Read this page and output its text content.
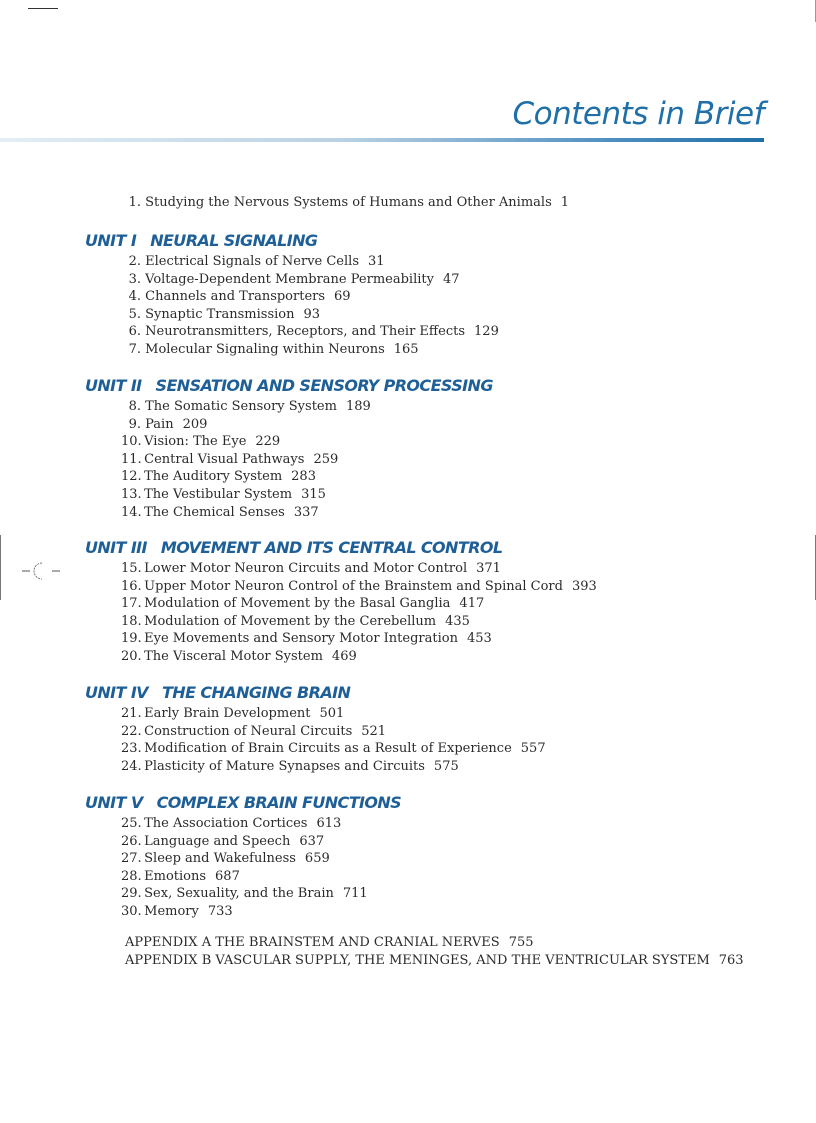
Contents in Brief
1. Studying the Nervous Systems of Humans and Other Animals 1
UNIT I NEURAL SIGNALING
2. Electrical Signals of Nerve Cells 31
3. Voltage-Dependent Membrane Permeability 47
4. Channels and Transporters 69
5. Synaptic Transmission 93
6. Neurotransmitters, Receptors, and Their Effects 129
7. Molecular Signaling within Neurons 165
UNIT II SENSATION AND SENSORY PROCESSING
8. The Somatic Sensory System 189
9. Pain 209
10. Vision: The Eye 229
11. Central Visual Pathways 259
12. The Auditory System 283
13. The Vestibular System 315
14. The Chemical Senses 337
UNIT III MOVEMENT AND ITS CENTRAL CONTROL
15. Lower Motor Neuron Circuits and Motor Control 371
16. Upper Motor Neuron Control of the Brainstem and Spinal Cord 393
17. Modulation of Movement by the Basal Ganglia 417
18. Modulation of Movement by the Cerebellum 435
19. Eye Movements and Sensory Motor Integration 453
20. The Visceral Motor System 469
UNIT IV THE CHANGING BRAIN
21. Early Brain Development 501
22. Construction of Neural Circuits 521
23. Modification of Brain Circuits as a Result of Experience 557
24. Plasticity of Mature Synapses and Circuits 575
UNIT V COMPLEX BRAIN FUNCTIONS
25. The Association Cortices 613
26. Language and Speech 637
27. Sleep and Wakefulness 659
28. Emotions 687
29. Sex, Sexuality, and the Brain 711
30. Memory 733
APPENDIX A THE BRAINSTEM AND CRANIAL NERVES 755
APPENDIX B VASCULAR SUPPLY, THE MENINGES, AND THE VENTRICULAR SYSTEM 763
